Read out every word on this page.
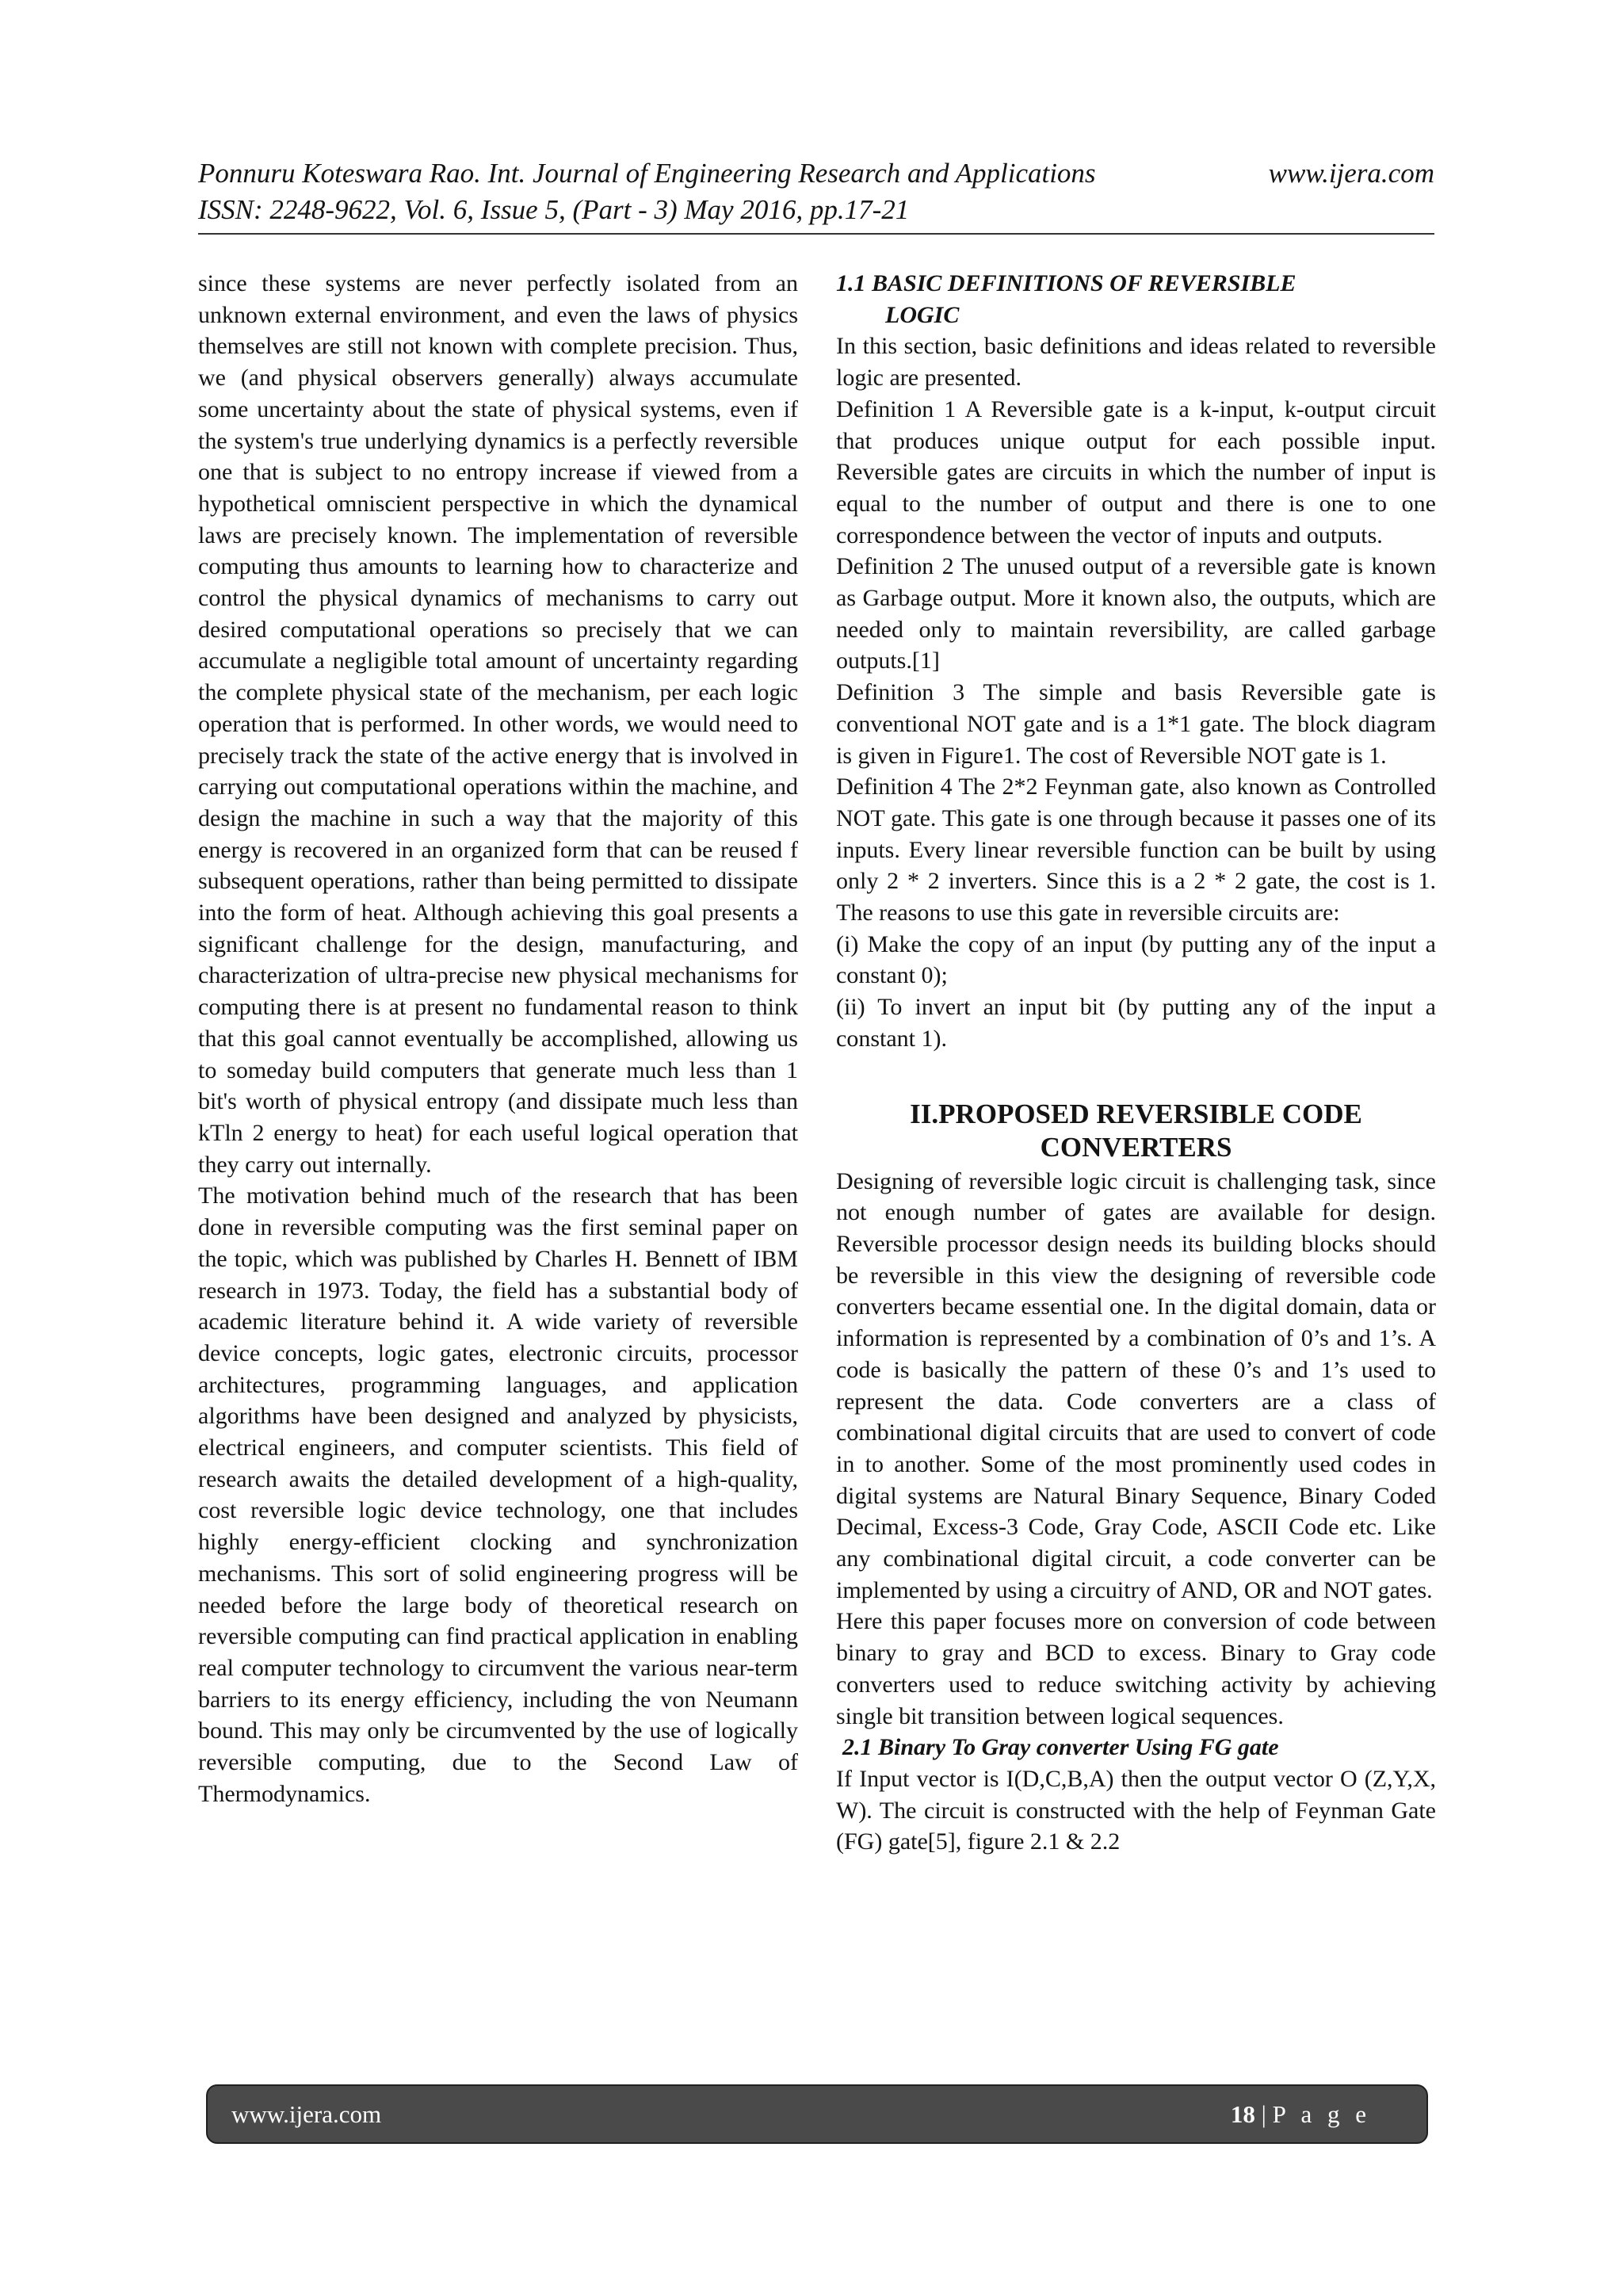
Ponnuru Koteswara Rao. Int. Journal of Engineering Research and Applications	www.ijera.com
ISSN: 2248-9622, Vol. 6, Issue 5, (Part - 3) May 2016, pp.17-21

since these systems are never perfectly isolated from an unknown external environment, and even the laws of physics themselves are still not known with complete precision. Thus, we (and physical observers generally) always accumulate some uncertainty about the state of physical systems, even if the system's true underlying dynamics is a perfectly reversible one that is subject to no entropy increase if viewed from a hypothetical omniscient perspective in which the dynamical laws are precisely known. The implementation of reversible computing thus amounts to learning how to characterize and control the physical dynamics of mechanisms to carry out desired computational operations so precisely that we can accumulate a negligible total amount of uncertainty regarding the complete physical state of the mechanism, per each logic operation that is performed. In other words, we would need to precisely track the state of the active energy that is involved in carrying out computational operations within the machine, and design the machine in such a way that the majority of this energy is recovered in an organized form that can be reused f subsequent operations, rather than being permitted to dissipate into the form of heat. Although achieving this goal presents a significant challenge for the design, manufacturing, and characterization of ultra-precise new physical mechanisms for computing there is at present no fundamental reason to think that this goal cannot eventually be accomplished, allowing us to someday build computers that generate much less than 1 bit's worth of physical entropy (and dissipate much less than kTln 2 energy to heat) for each useful logical operation that they carry out internally.

The motivation behind much of the research that has been done in reversible computing was the first seminal paper on the topic, which was published by Charles H. Bennett of IBM research in 1973. Today, the field has a substantial body of academic literature behind it. A wide variety of reversible device concepts, logic gates, electronic circuits, processor architectures, programming languages, and application algorithms have been designed and analyzed by physicists, electrical engineers, and computer scientists. This field of research awaits the detailed development of a high-quality, cost reversible logic device technology, one that includes highly energy-efficient clocking and synchronization mechanisms. This sort of solid engineering progress will be needed before the large body of theoretical research on reversible computing can find practical application in enabling real computer technology to circumvent the various near-term barriers to its energy efficiency, including the von Neumann bound. This may only be circumvented by the use of logically reversible computing, due to the Second Law of Thermodynamics.

1.1 BASIC DEFINITIONS OF REVERSIBLE
LOGIC

In this section, basic definitions and ideas related to reversible logic are presented.

Definition 1 A Reversible gate is a k-input, k-output circuit that produces unique output for each possible input. Reversible gates are circuits in which the number of input is equal to the number of output and there is one to one correspondence between the vector of inputs and outputs.

Definition 2 The unused output of a reversible gate is known as Garbage output. More it known also, the outputs, which are needed only to maintain reversibility, are called garbage outputs.[1]

Definition 3 The simple and basis Reversible gate is conventional NOT gate and is a 1*1 gate. The block diagram is given in Figure1. The cost of Reversible NOT gate is 1.

Definition 4 The 2*2 Feynman gate, also known as Controlled NOT gate. This gate is one through because it passes one of its inputs. Every linear reversible function can be built by using only 2 * 2 inverters. Since this is a 2 * 2 gate, the cost is 1. The reasons to use this gate in reversible circuits are:

(i) Make the copy of an input (by putting any of the input a constant 0);

(ii) To invert an input bit (by putting any of the input a constant 1).

II.PROPOSED REVERSIBLE CODE
CONVERTERS

Designing of reversible logic circuit is challenging task, since not enough number of gates are available for design. Reversible processor design needs its building blocks should be reversible in this view the designing of reversible code converters became essential one. In the digital domain, data or information is represented by a combination of 0’s and 1’s. A code is basically the pattern of these 0’s and 1’s used to represent the data. Code converters are a class of combinational digital circuits that are used to convert of code in to another. Some of the most prominently used codes in digital systems are Natural Binary Sequence, Binary Coded Decimal, Excess-3 Code, Gray Code, ASCII Code etc. Like any combinational digital circuit, a code converter can be implemented by using a circuitry of AND, OR and NOT gates.

Here this paper focuses more on conversion of code between binary to gray and BCD to excess. Binary to Gray code converters used to reduce switching activity by achieving single bit transition between logical sequences.

2.1 Binary To Gray converter Using FG gate

If Input vector is I(D,C,B,A) then the output vector O (Z,Y,X, W). The circuit is constructed with the help of Feynman Gate (FG) gate[5], figure 2.1 & 2.2

www.ijera.com	18 | P a g e
